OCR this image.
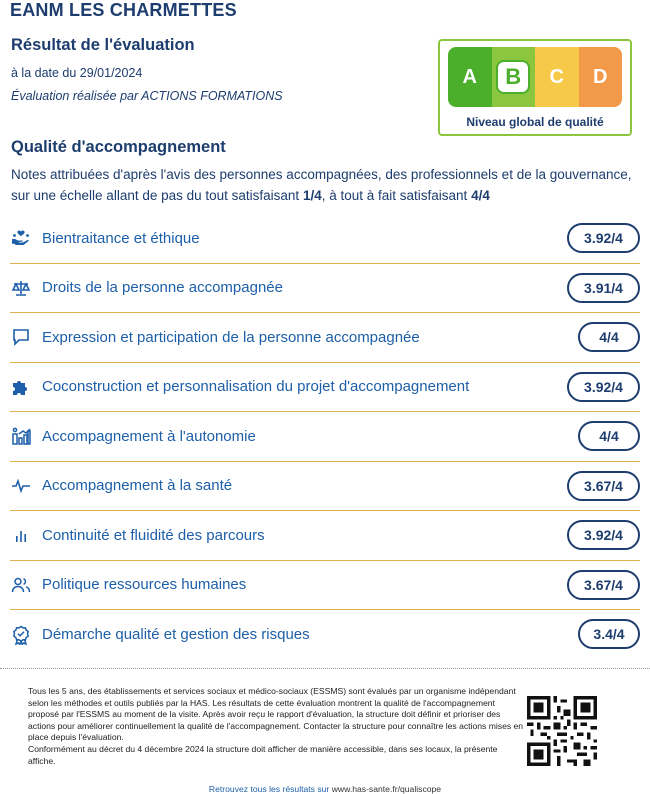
EANM LES CHARMETTES
Résultat de l'évaluation
à la date du 29/01/2024
Évaluation réalisée par ACTIONS FORMATIONS
A	B	C D
Niveau global de qualité
Qualité d'accompagnement
Notes attribuées d'après l'avis des personnes accompagnées, des professionnels et de la gouvernance, sur une échelle allant de pas du tout satisfaisant 1/4, à tout à fait satisfaisant 4/4
Bientraitance et éthique	3.92/4
Droits de la personne accompagnée	3.91/4
Expression et participation de la personne accompagnée	4/4
Coconstruction et personnalisation du projet d'accompagnement	3.92/4
Accompagnement à l'autonomie	4/4
Accompagnement à la santé	3.67/4
Continuité et fluidité des parcours	3.92/4
Politique ressources humaines	3.67/4
Démarche qualité et gestion des risques	3.4/4
Tous les 5 ans, des établissements et services sociaux et médico-sociaux (ESSMS) sont évalués par un organisme indépendant selon les méthodes et outils publiés par la HAS. Les résultats de cette évaluation montrent la qualité de l'accompagnement proposé par l'ESSMS au moment de la visite. Après avoir reçu le rapport d'évaluation, la structure doit définir et prioriser des actions pour améliorer continuellement la qualité de l'accompagnement. Contacter la structure pour connaître les actions mises en place depuis l'évaluation.
Conformément au décret du 4 décembre 2024 la structure doit afficher de manière accessible, dans ses locaux, la présente affiche.
Retrouvez tous les résultats sur www.has-sante.fr/qualiscope
